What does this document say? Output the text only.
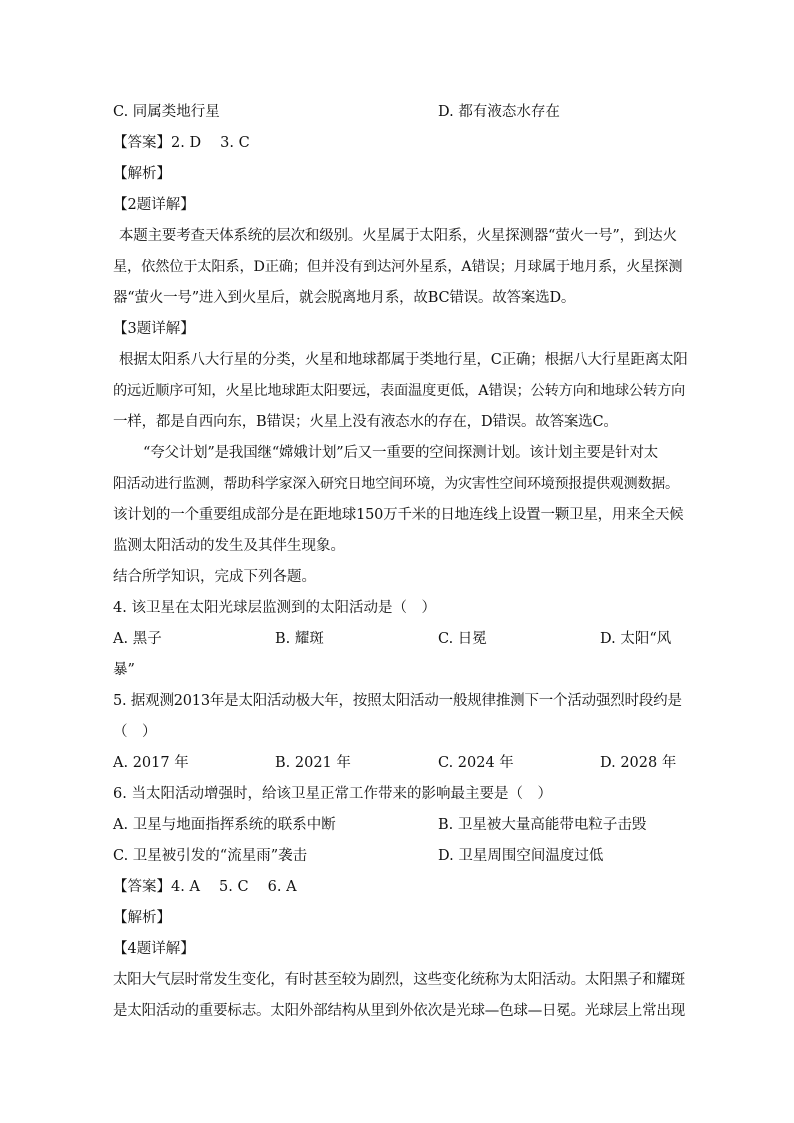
C. 同属类地行星	D. 都有液态水存在
【答案】2. D　 3. C
【解析】
【2题详解】
本题主要考查天体系统的层次和级别。火星属于太阳系，火星探测器“萤火一号”，到达火
星，依然位于太阳系，D正确；但并没有到达河外星系，A错误；月球属于地月系，火星探测
器“萤火一号”进入到火星后，就会脱离地月系，故BC错误。故答案选D。
【3题详解】
根据太阳系八大行星的分类，火星和地球都属于类地行星，C正确；根据八大行星距离太阳
的远近顺序可知，火星比地球距太阳要远，表面温度更低，A错误；公转方向和地球公转方向
一样，都是自西向东，B错误；火星上没有液态水的存在，D错误。故答案选C。
“夸父计划”是我国继“嫦娥计划”后又一重要的空间探测计划。该计划主要是针对太
阳活动进行监测，帮助科学家深入研究日地空间环境，为灾害性空间环境预报提供观测数据。
该计划的一个重要组成部分是在距地球150万千米的日地连线上设置一颗卫星，用来全天候
监测太阳活动的发生及其伴生现象。
结合所学知识，完成下列各题。
4. 该卫星在太阳光球层监测到的太阳活动是（　）
A. 黑子	B. 耀斑	C. 日冕	D. 太阳“风
暴”
5. 据观测2013年是太阳活动极大年，按照太阳活动一般规律推测下一个活动强烈时段约是
（　）
A. 2017 年	B. 2021 年	C. 2024 年	D. 2028 年
6. 当太阳活动增强时，给该卫星正常工作带来的影响最主要是（　）
A. 卫星与地面指挥系统的联系中断	B. 卫星被大量高能带电粒子击毁
C. 卫星被引发的“流星雨”袭击	D. 卫星周围空间温度过低
【答案】4. A　 5. C　 6. A
【解析】
【4题详解】
太阳大气层时常发生变化，有时甚至较为剧烈，这些变化统称为太阳活动。太阳黑子和耀斑
是太阳活动的重要标志。太阳外部结构从里到外依次是光球—色球—日冕。光球层上常出现
